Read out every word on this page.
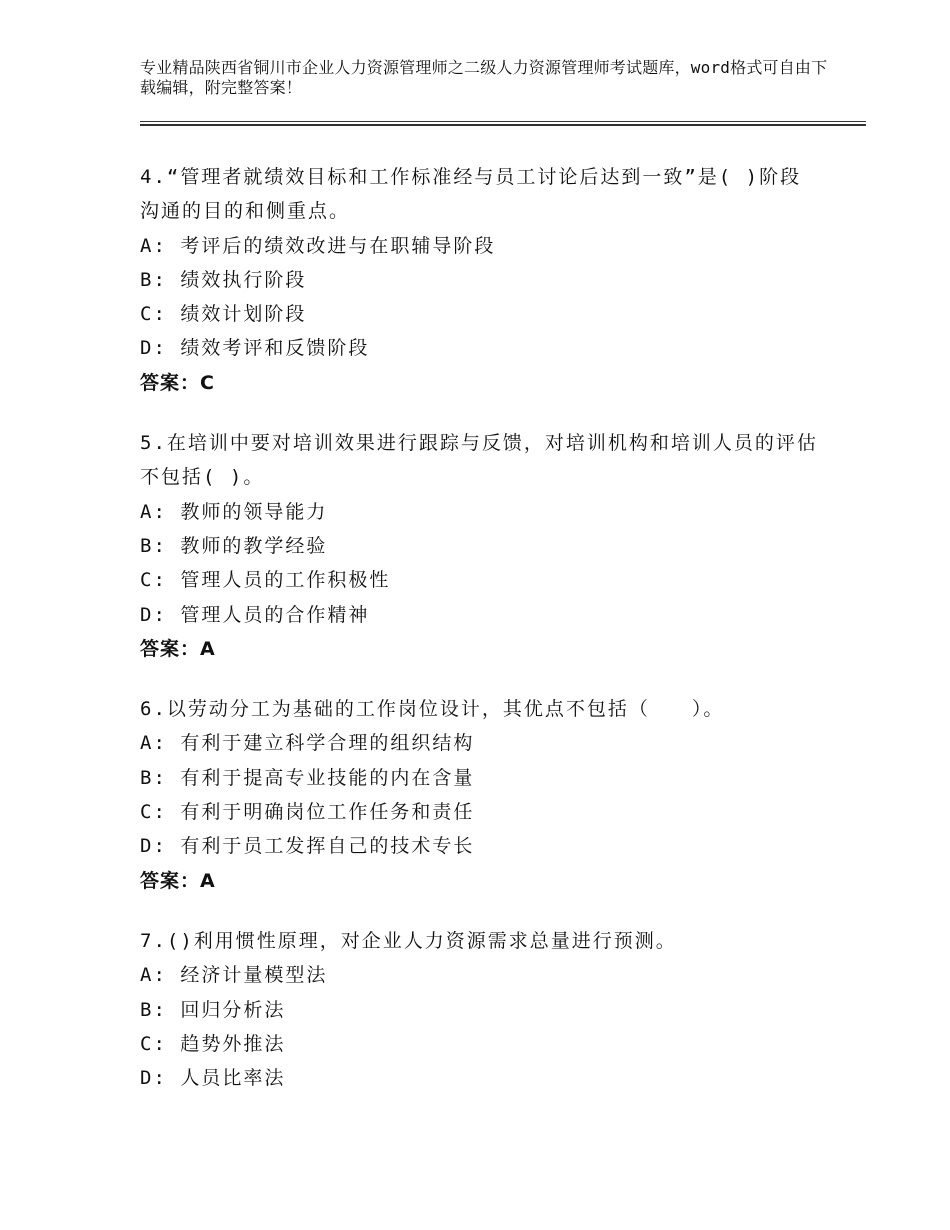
专业精品陕西省铜川市企业人力资源管理师之二级人力资源管理师考试题库，word格式可自由下载编辑，附完整答案！
4.“管理者就绩效目标和工作标准经与员工讨论后达到一致”是( )阶段沟通的目的和侧重点。
A: 考评后的绩效改进与在职辅导阶段
B: 绩效执行阶段
C: 绩效计划阶段
D: 绩效考评和反馈阶段
答案：C
5.在培训中要对培训效果进行跟踪与反馈，对培训机构和培训人员的评估不包括( )。
A: 教师的领导能力
B: 教师的教学经验
C: 管理人员的工作积极性
D: 管理人员的合作精神
答案：A
6.以劳动分工为基础的工作岗位设计，其优点不包括（　　）。
A: 有利于建立科学合理的组织结构
B: 有利于提高专业技能的内在含量
C: 有利于明确岗位工作任务和责任
D: 有利于员工发挥自己的技术专长
答案：A
7.()利用惯性原理，对企业人力资源需求总量进行预测。
A: 经济计量模型法
B: 回归分析法
C: 趋势外推法
D: 人员比率法
